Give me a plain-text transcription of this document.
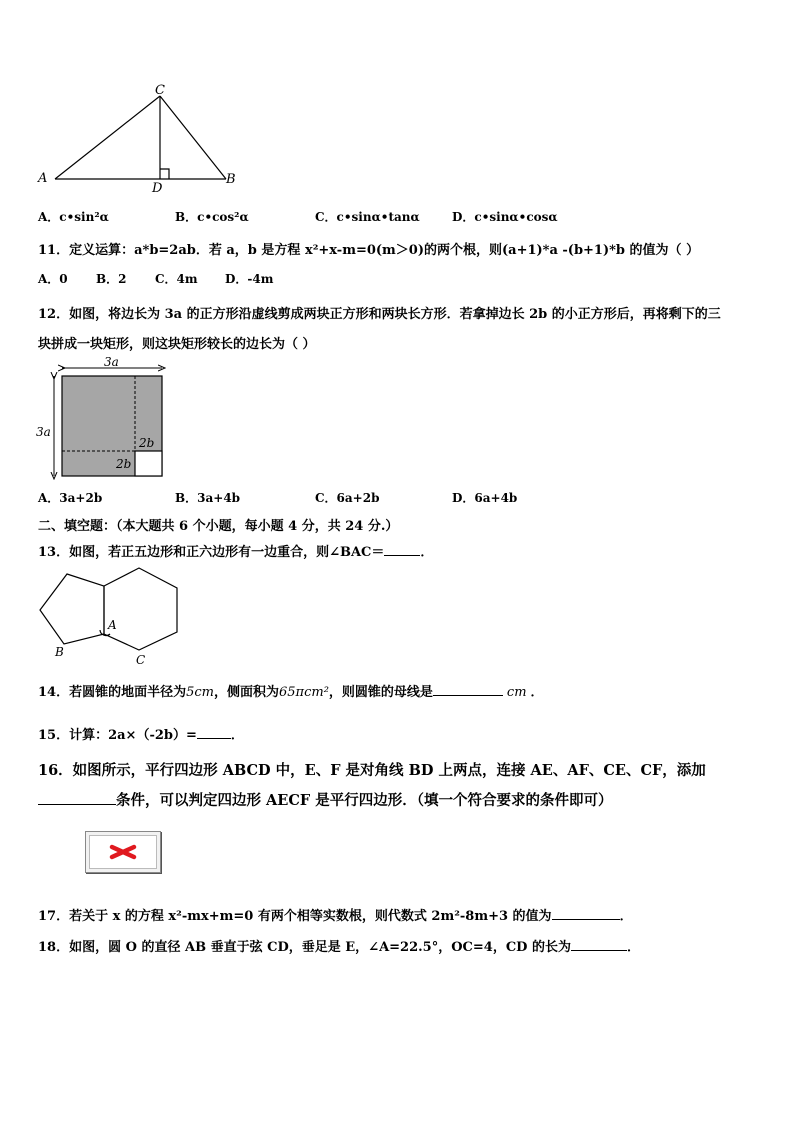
A	B
C
D
A．c•sin²α	B．c•cos²α	C．c•sinα•tanα	D．c•sinα•cosα
11．定义运算：a*b=2ab．若 a，b 是方程 x²+x-m=0(m＞0)的两个根，则(a+1)*a -(b+1)*b 的值为（ ）
A．0 B．2 C．4m D．-4m
12．如图，将边长为 3a 的正方形沿虚线剪成两块正方形和两块长方形．若拿掉边长 2b 的小正方形后，再将剩下的三
块拼成一块矩形，则这块矩形较长的边长为（ ）
3a
3a
2b
2b
A．3a+2b	B．3a+4b	C．6a+2b	D．6a+4b
二、填空题：（本大题共 6 个小题，每小题 4 分，共 24 分.）
13．如图，若正五边形和正六边形有一边重合，则∠BAC＝	．
A
B
C
14．若圆锥的地面半径为5cm，侧面积为65πcm²，则圆锥的母线是	cm ．
15．计算：2a×（-2b）=	．
16．如图所示，平行四边形 ABCD 中，E、F 是对角线 BD 上两点，连接 AE、AF、CE、CF，添加
条件，可以判定四边形 AECF 是平行四边形．（填一个符合要求的条件即可）
17．若关于 x 的方程 x²-mx+m=0 有两个相等实数根，则代数式 2m²-8m+3 的值为	．
18．如图，圆 O 的直径 AB 垂直于弦 CD，垂足是 E，∠A=22.5°，OC=4，CD 的长为	．
